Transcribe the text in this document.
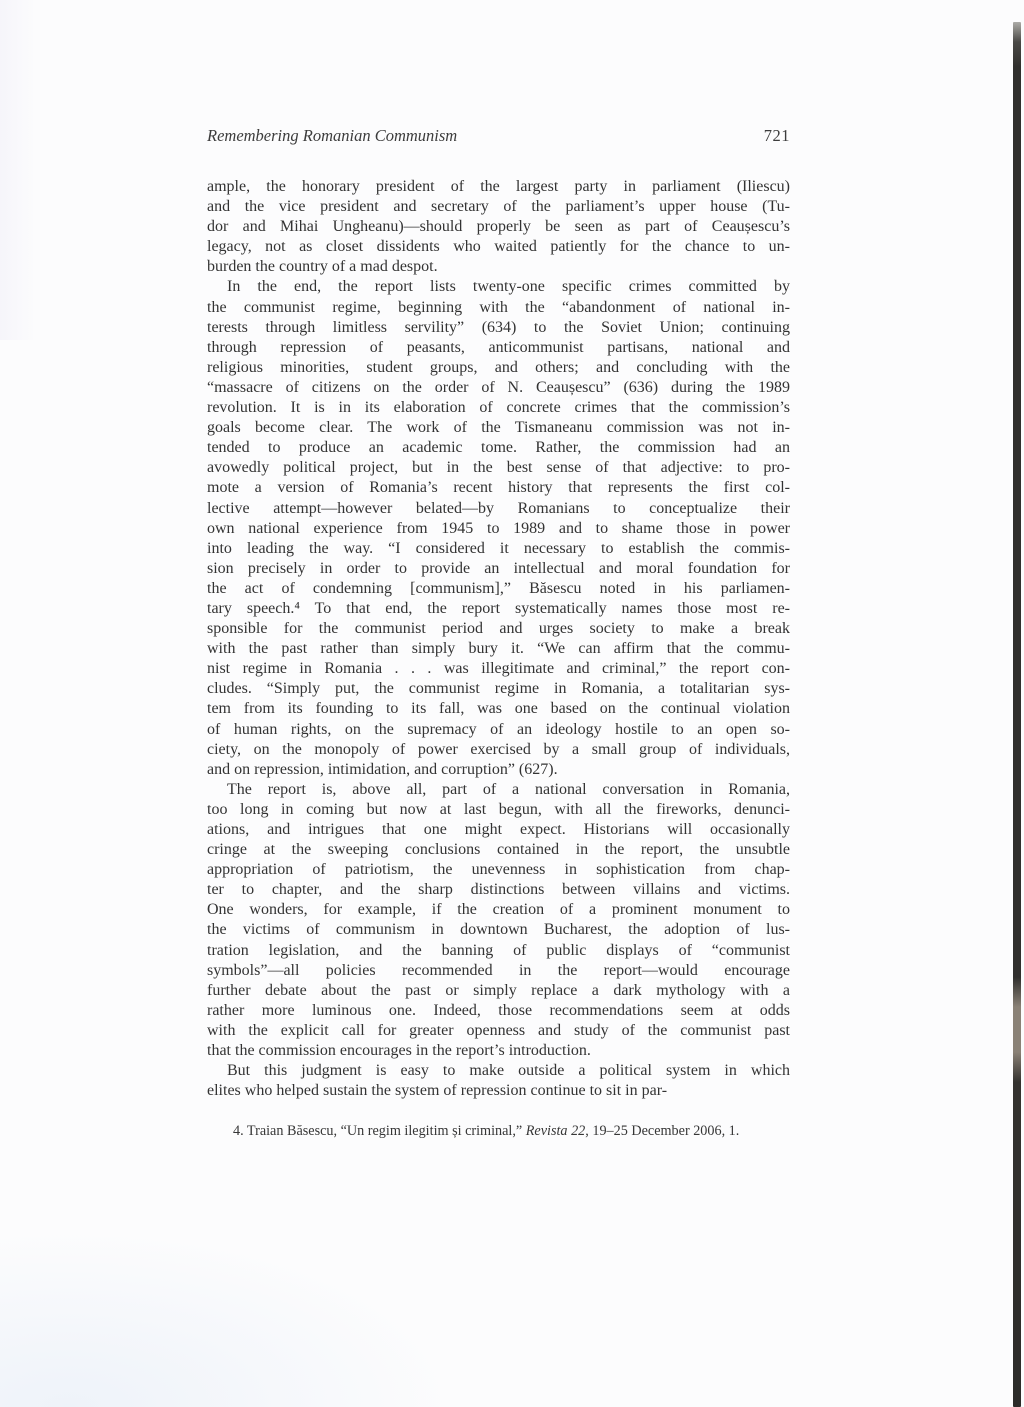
Remembering Romanian Communism	721
ample, the honorary president of the largest party in parliament (Iliescu)
and the vice president and secretary of the parliament’s upper house (Tu-
dor and Mihai Ungheanu)—should properly be seen as part of Ceaușescu’s
legacy, not as closet dissidents who waited patiently for the chance to un-
burden the country of a mad despot.
In the end, the report lists twenty-one specific crimes committed by
the communist regime, beginning with the “abandonment of national in-
terests through limitless servility” (634) to the Soviet Union; continuing
through repression of peasants, anticommunist partisans, national and
religious minorities, student groups, and others; and concluding with the
“massacre of citizens on the order of N. Ceaușescu” (636) during the 1989
revolution. It is in its elaboration of concrete crimes that the commission’s
goals become clear. The work of the Tismaneanu commission was not in-
tended to produce an academic tome. Rather, the commission had an
avowedly political project, but in the best sense of that adjective: to pro-
mote a version of Romania’s recent history that represents the first col-
lective attempt—however belated—by Romanians to conceptualize their
own national experience from 1945 to 1989 and to shame those in power
into leading the way. “I considered it necessary to establish the commis-
sion precisely in order to provide an intellectual and moral foundation for
the act of condemning [communism],” Băsescu noted in his parliamen-
tary speech.⁴ To that end, the report systematically names those most re-
sponsible for the communist period and urges society to make a break
with the past rather than simply bury it. “We can affirm that the commu-
nist regime in Romania . . . was illegitimate and criminal,” the report con-
cludes. “Simply put, the communist regime in Romania, a totalitarian sys-
tem from its founding to its fall, was one based on the continual violation
of human rights, on the supremacy of an ideology hostile to an open so-
ciety, on the monopoly of power exercised by a small group of individuals,
and on repression, intimidation, and corruption” (627).
The report is, above all, part of a national conversation in Romania,
too long in coming but now at last begun, with all the fireworks, denunci-
ations, and intrigues that one might expect. Historians will occasionally
cringe at the sweeping conclusions contained in the report, the unsubtle
appropriation of patriotism, the unevenness in sophistication from chap-
ter to chapter, and the sharp distinctions between villains and victims.
One wonders, for example, if the creation of a prominent monument to
the victims of communism in downtown Bucharest, the adoption of lus-
tration legislation, and the banning of public displays of “communist
symbols”—all policies recommended in the report—would encourage
further debate about the past or simply replace a dark mythology with a
rather more luminous one. Indeed, those recommendations seem at odds
with the explicit call for greater openness and study of the communist past
that the commission encourages in the report’s introduction.
But this judgment is easy to make outside a political system in which
elites who helped sustain the system of repression continue to sit in par-
4. Traian Băsescu, “Un regim ilegitim și criminal,” Revista 22, 19–25 December 2006, 1.
